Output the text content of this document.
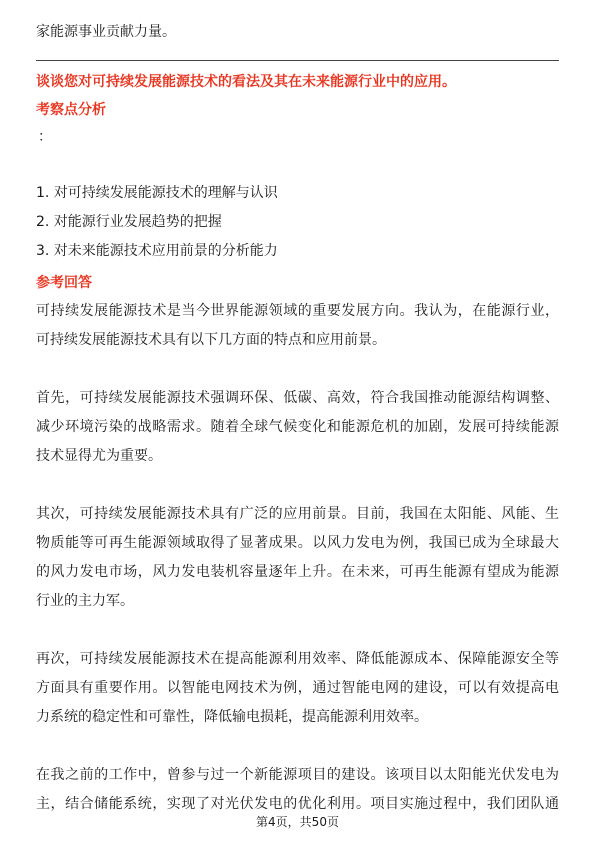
家能源事业贡献力量。
谈谈您对可持续发展能源技术的看法及其在未来能源行业中的应用。
考察点分析
：
1. 对可持续发展能源技术的理解与认识
2. 对能源行业发展趋势的把握
3. 对未来能源技术应用前景的分析能力
参考回答
可持续发展能源技术是当今世界能源领域的重要发展方向。我认为，在能源行业，
可持续发展能源技术具有以下几方面的特点和应用前景。
首先，可持续发展能源技术强调环保、低碳、高效，符合我国推动能源结构调整、
减少环境污染的战略需求。随着全球气候变化和能源危机的加剧，发展可持续能源
技术显得尤为重要。
其次，可持续发展能源技术具有广泛的应用前景。目前，我国在太阳能、风能、生
物质能等可再生能源领域取得了显著成果。以风力发电为例，我国已成为全球最大
的风力发电市场，风力发电装机容量逐年上升。在未来，可再生能源有望成为能源
行业的主力军。
再次，可持续发展能源技术在提高能源利用效率、降低能源成本、保障能源安全等
方面具有重要作用。以智能电网技术为例，通过智能电网的建设，可以有效提高电
力系统的稳定性和可靠性，降低输电损耗，提高能源利用效率。
在我之前的工作中，曾参与过一个新能源项目的建设。该项目以太阳能光伏发电为
主，结合储能系统，实现了对光伏发电的优化利用。项目实施过程中，我们团队通
第4页，共50页
